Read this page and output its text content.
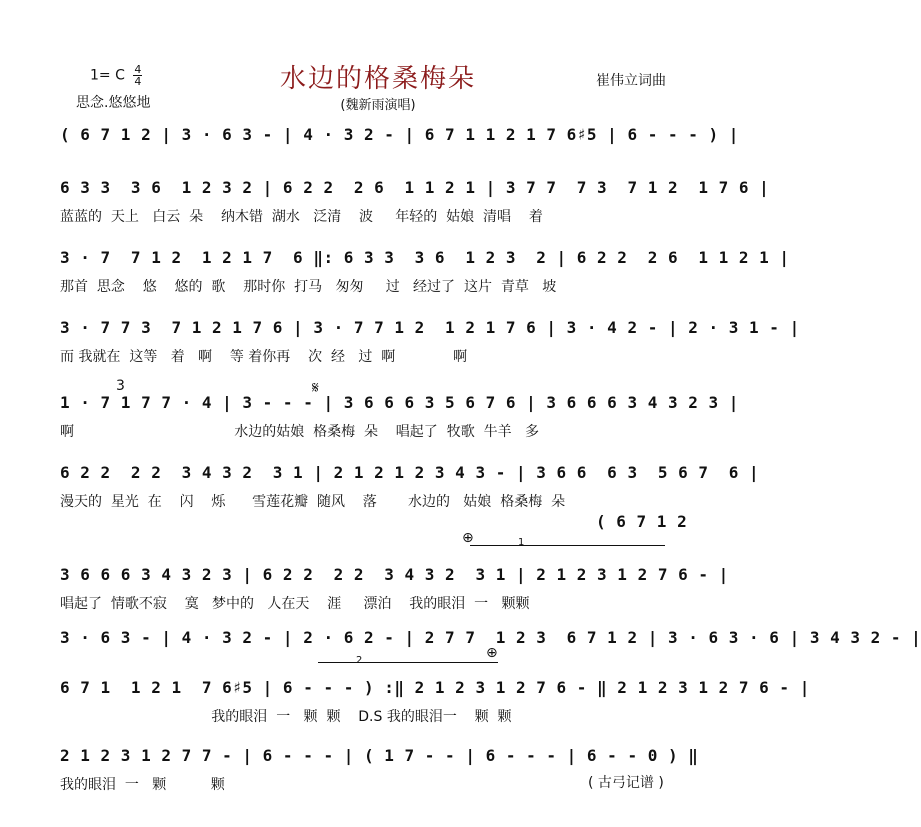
1= C $\frac{4}{4}$
思念.悠悠地
水边的格桑梅朵	崔伟立词曲
(魏新雨演唱)
( 6 7 1 2 | 3 · 6 3 - | 4 · 3 2 - | 6 7 1 1 2 1 7 6♯5 | 6 - - - ) |
6 3 3  3 6  1 2 3 2 | 6 2 2  2 6  1 1 2 1 | 3 7 7  7 3  7 1 2  1 7 6 |
蓝蓝的  天上   白云  朵    纳木错  湖水   泛清    波     年轻的  姑娘  清唱    着
3 · 7  7 1 2  1 2 1 7  6 ‖: 6 3 3  3 6  1 2 3  2 | 6 2 2  2 6  1 1 2 1 |
那首  思念    悠    悠的  歌    那时你  打马   匆匆     过   经过了  这片  青草   坡
3 · 7 7 3  7 1 2 1 7 6 | 3 · 7 7 1 2  1 2 1 7 6 | 3 · 4 2 - | 2 · 3 1 - |
而 我就在  这等   着   啊    等 着你再    次  经   过  啊             啊
3	𝄋
1 · 7 1 7 7 · 4 | 3 - - - | 3 6 6 6 3 5 6 7 6 | 3 6 6 6 3 4 3 2 3 |
啊                                    水边的姑娘  格桑梅  朵    唱起了  牧歌  牛羊   多
6 2 2  2 2  3 4 3 2  3 1 | 2 1 2 1 2 3 4 3 - | 3 6 6  6 3  5 6 7  6 |
漫天的  星光  在    闪    烁      雪莲花瓣  随风    落       水边的   姑娘  格桑梅  朵
( 6 7 1 2
⊕	1
3 6 6 6 3 4 3 2 3 | 6 2 2  2 2  3 4 3 2  3 1 | 2 1 2 3 1 2 7 6 - |
唱起了  情歌不寂    寞   梦中的   人在天    涯     漂泊    我的眼泪  一   颗颗
3 · 6 3 - | 4 · 3 2 - | 2 · 6 2 - | 2 7 7  1 2 3  6 7 1 2 | 3 · 6 3 · 6 | 3 4 3 2 - |
2	⊕
6 7 1  1 2 1  7 6♯5 | 6 - - - ) :‖ 2 1 2 3 1 2 7 6 - ‖ 2 1 2 3 1 2 7 6 - |
我的眼泪  一   颗  颗    D.S 我的眼泪一    颗  颗
2 1 2 3 1 2 7 7 - | 6 - - - | ( 1 7 - - | 6 - - - | 6 - - 0 ) ‖
我的眼泪  一   颗          颗	( 古弓记谱 )
